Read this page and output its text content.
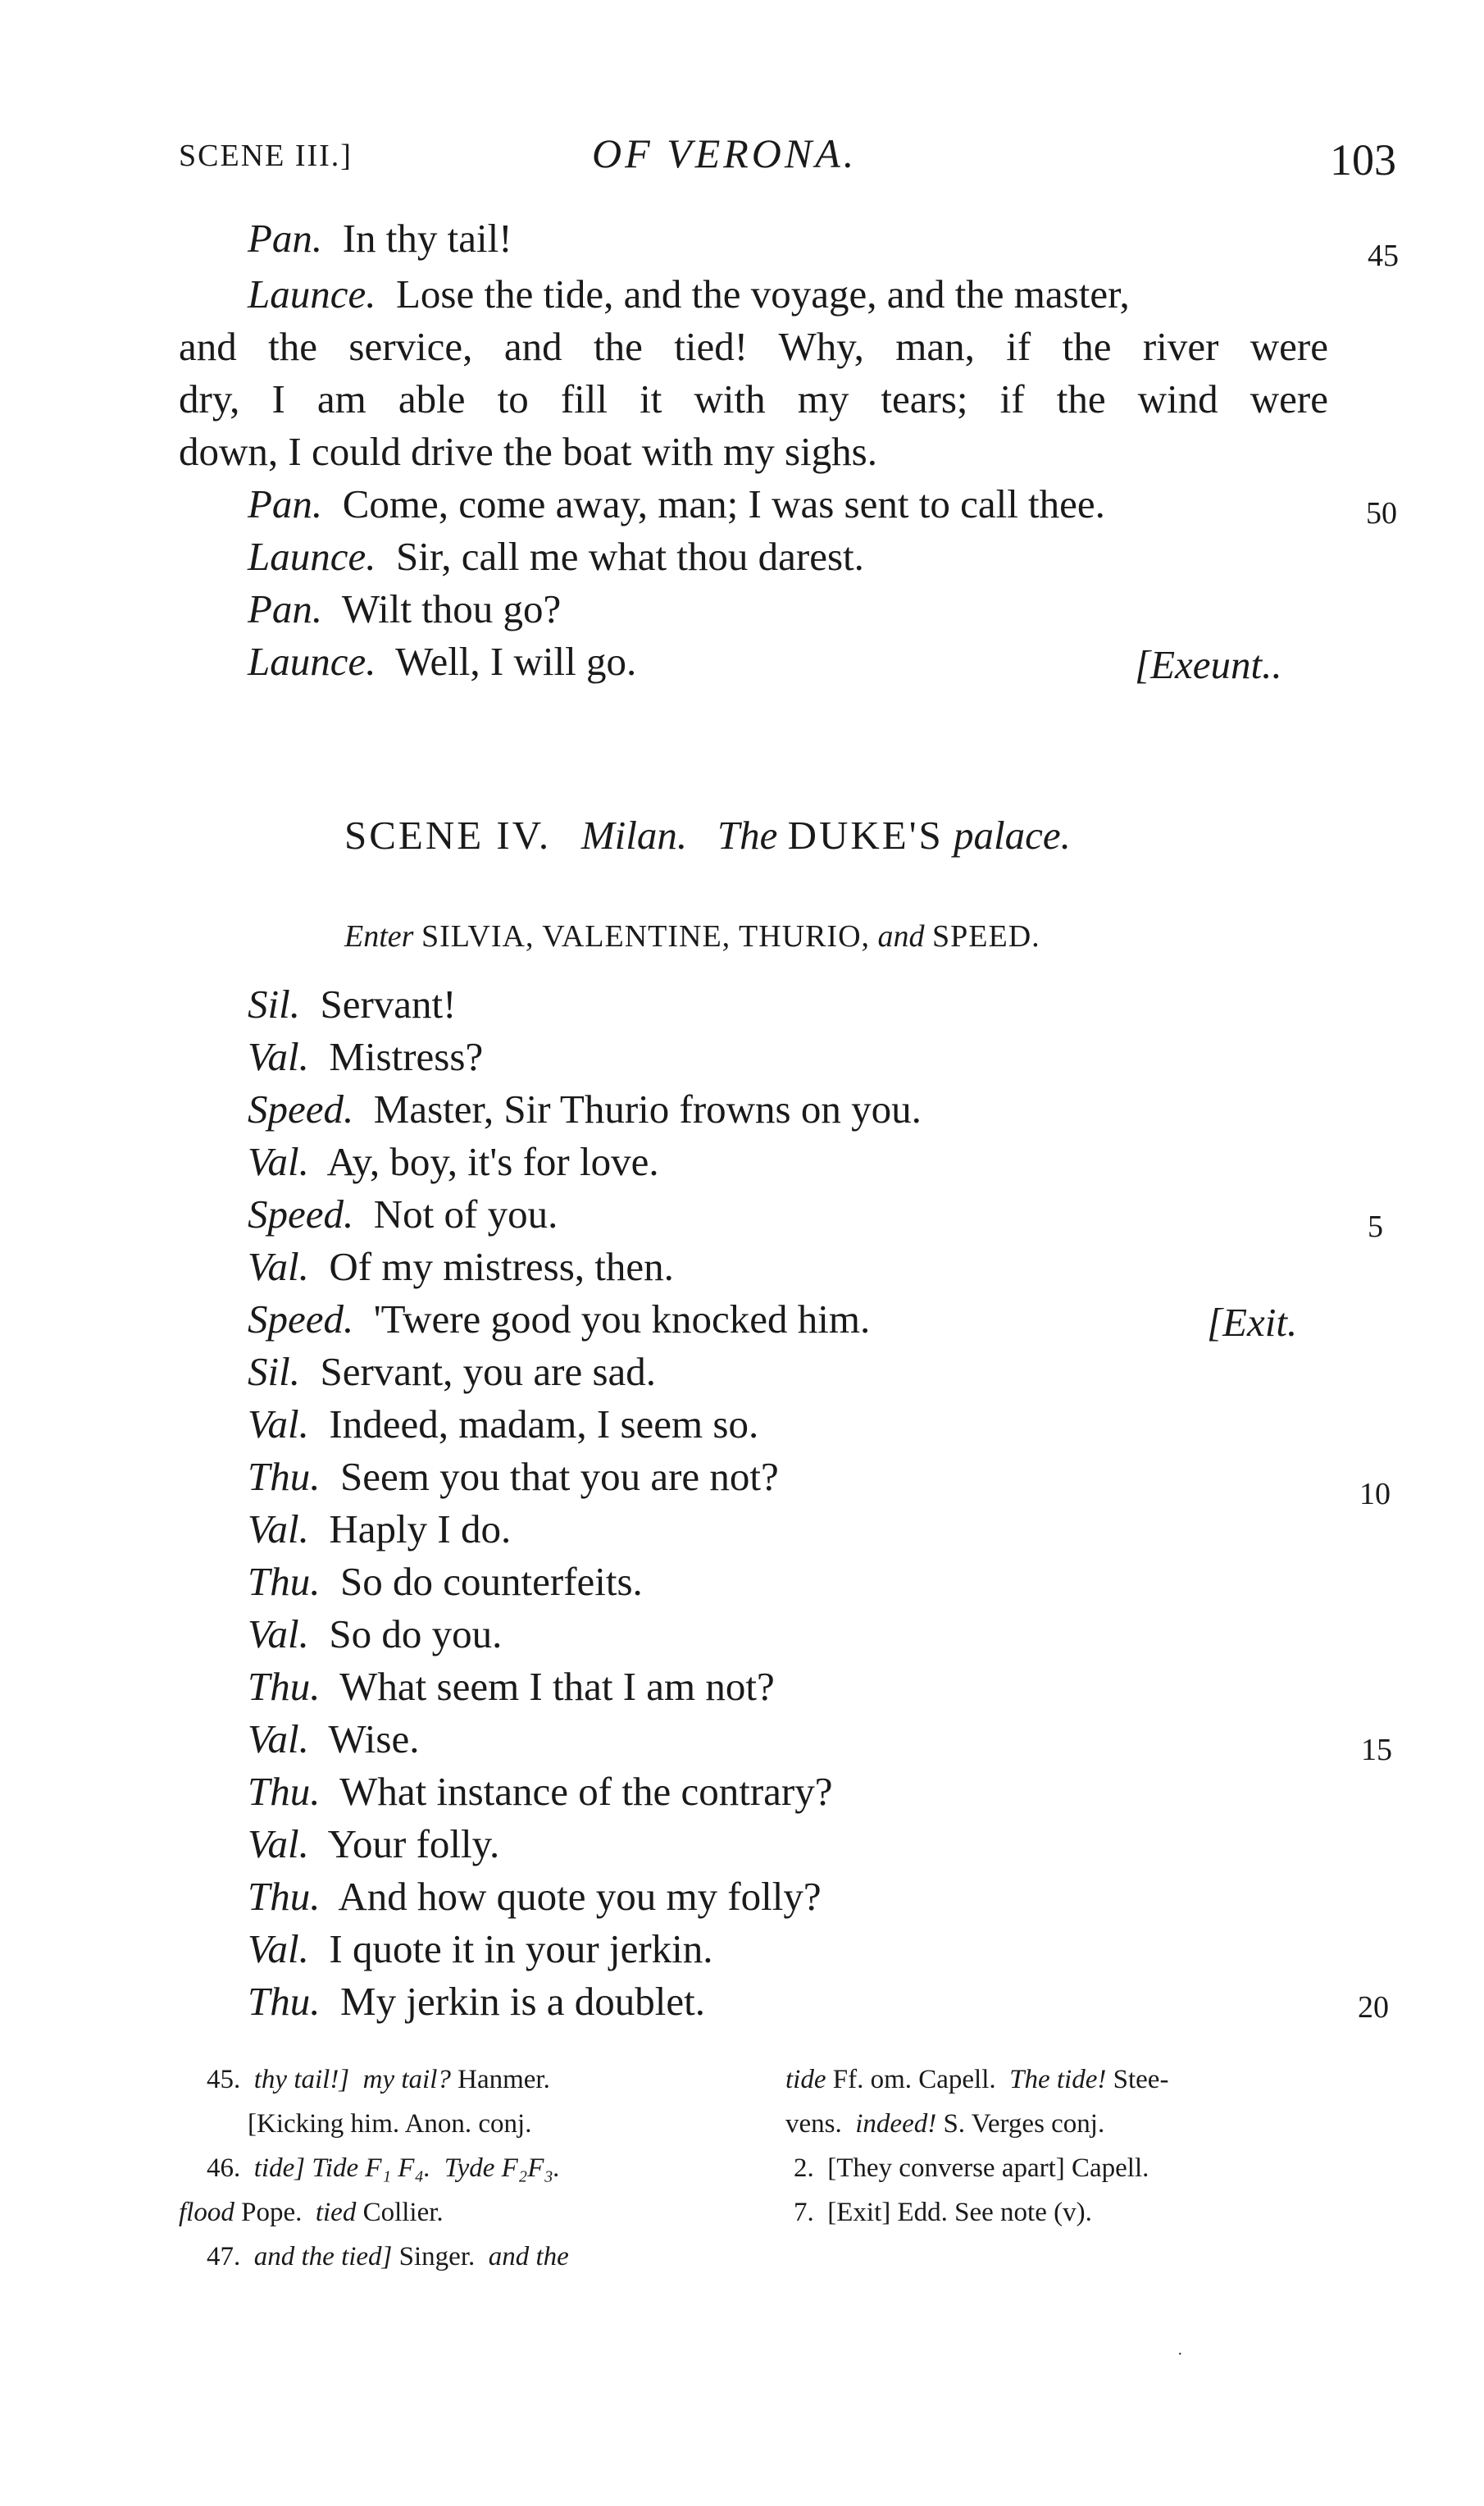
SCENE III.]	OF VERONA.	103
Pan. In thy tail!	45
Launce. Lose the tide, and the voyage, and the master,
and the service, and the tied! Why, man, if the river were
dry, I am able to fill it with my tears; if the wind were
down, I could drive the boat with my sighs.
Pan. Come, come away, man; I was sent to call thee.	50
Launce. Sir, call me what thou darest.
Pan. Wilt thou go?
Launce. Well, I will go.	[Exeunt..
SCENE IV. Milan. The DUKE'S palace.
Enter SILVIA, VALENTINE, THURIO, and SPEED.
Sil. Servant!
Val. Mistress?
Speed. Master, Sir Thurio frowns on you.
Val. Ay, boy, it's for love.
Speed. Not of you.	5
Val. Of my mistress, then.
Speed. 'Twere good you knocked him.	[Exit.
Sil. Servant, you are sad.
Val. Indeed, madam, I seem so.
Thu. Seem you that you are not?	10
Val. Haply I do.
Thu. So do counterfeits.
Val. So do you.
Thu. What seem I that I am not?
Val. Wise.	15
Thu. What instance of the contrary?
Val. Your folly.
Thu. And how quote you my folly?
Val. I quote it in your jerkin.
Thu. My jerkin is a doublet.	20
45. thy tail!] my tail? Hanmer.
[Kicking him. Anon. conj.
46. tide] Tide F₁ F₄. Tyde F₂F₃.
flood Pope. tied Collier.
47. and the tied] Singer. and the
tide Ff. om. Capell. The tide! Stee-
vens. indeed! S. Verges conj.
2. [They converse apart] Capell.
7. [Exit] Edd. See note (v).
·
